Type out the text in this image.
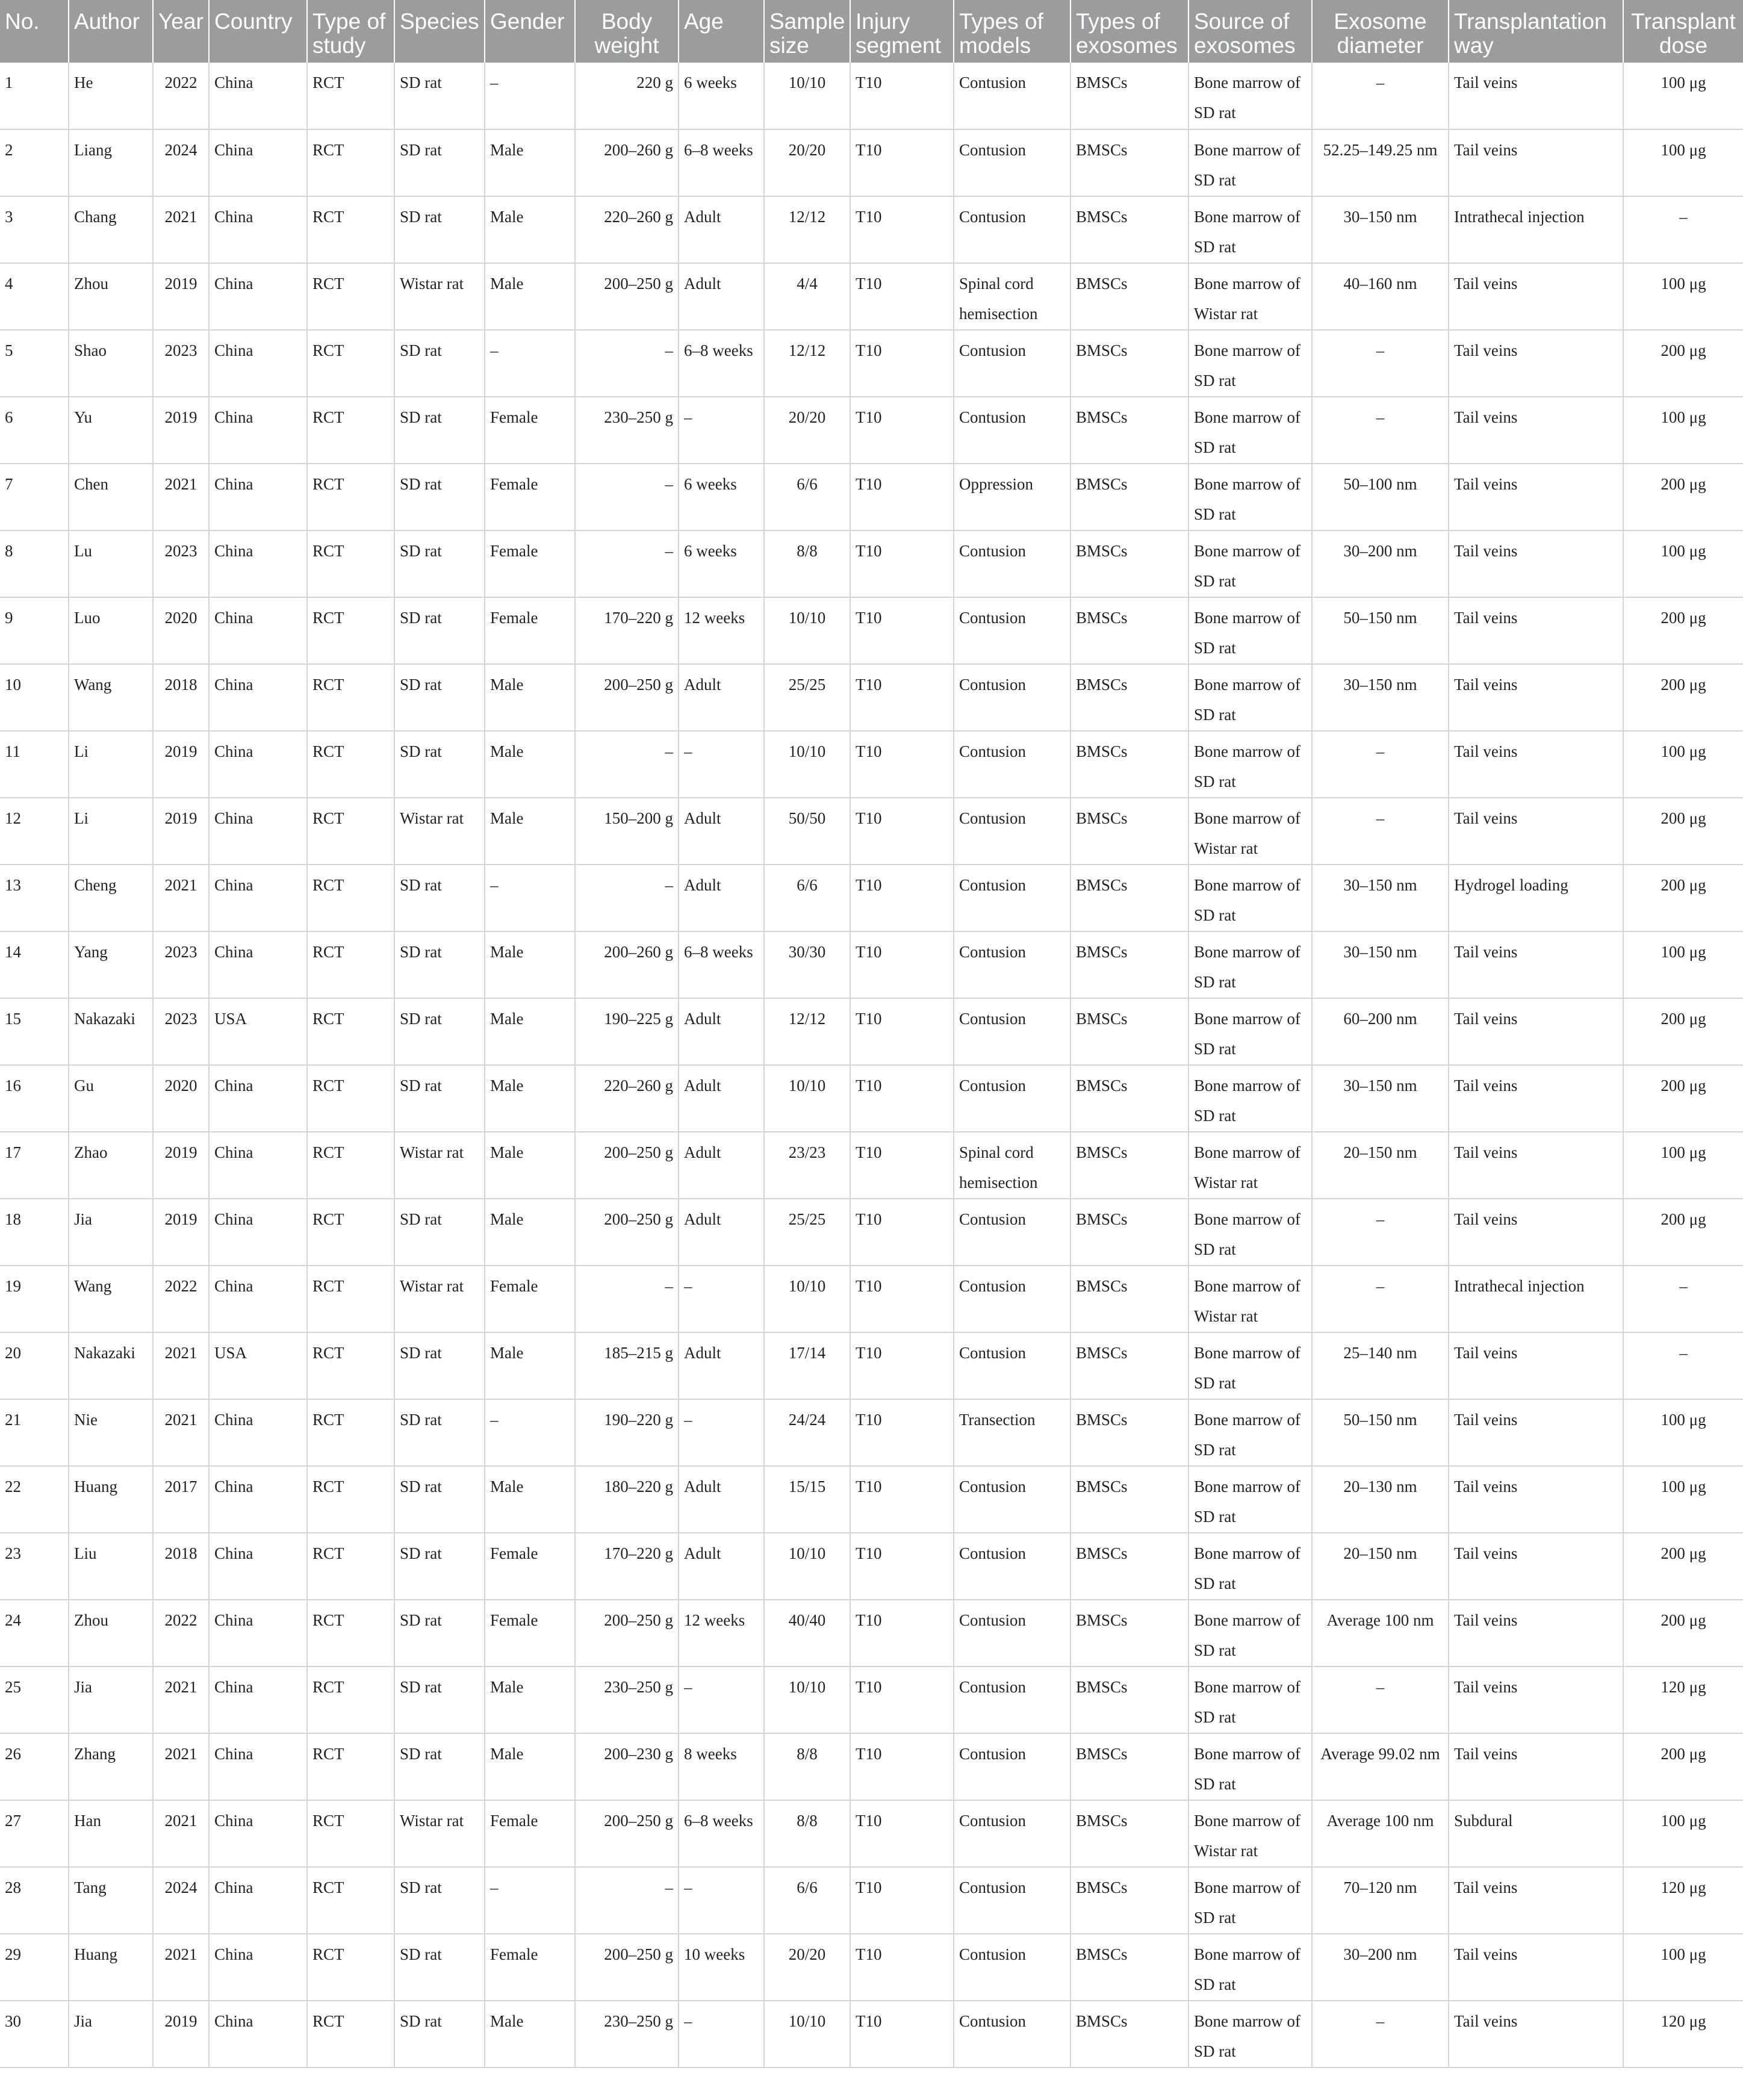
No.	Author	Year	Country	Type of study	Species	Gender	Body weight	Age	Sample size	Injury segment	Types of models	Types of exosomes	Source of exosomes	Exosome diameter	Transplantation way	Transplant dose
1	He	2022	China	RCT	SD rat	–	220 g	6 weeks	10/10	T10	Contusion	BMSCs	Bone marrow of SD rat	–	Tail veins	100 μg
2	Liang	2024	China	RCT	SD rat	Male	200–260 g	6–8 weeks	20/20	T10	Contusion	BMSCs	Bone marrow of SD rat	52.25–149.25 nm	Tail veins	100 μg
3	Chang	2021	China	RCT	SD rat	Male	220–260 g	Adult	12/12	T10	Contusion	BMSCs	Bone marrow of SD rat	30–150 nm	Intrathecal injection	–
4	Zhou	2019	China	RCT	Wistar rat	Male	200–250 g	Adult	4/4	T10	Spinal cord hemisection	BMSCs	Bone marrow of Wistar rat	40–160 nm	Tail veins	100 μg
5	Shao	2023	China	RCT	SD rat	–	–	6–8 weeks	12/12	T10	Contusion	BMSCs	Bone marrow of SD rat	–	Tail veins	200 μg
6	Yu	2019	China	RCT	SD rat	Female	230–250 g	–	20/20	T10	Contusion	BMSCs	Bone marrow of SD rat	–	Tail veins	100 μg
7	Chen	2021	China	RCT	SD rat	Female	–	6 weeks	6/6	T10	Oppression	BMSCs	Bone marrow of SD rat	50–100 nm	Tail veins	200 μg
8	Lu	2023	China	RCT	SD rat	Female	–	6 weeks	8/8	T10	Contusion	BMSCs	Bone marrow of SD rat	30–200 nm	Tail veins	100 μg
9	Luo	2020	China	RCT	SD rat	Female	170–220 g	12 weeks	10/10	T10	Contusion	BMSCs	Bone marrow of SD rat	50–150 nm	Tail veins	200 μg
10	Wang	2018	China	RCT	SD rat	Male	200–250 g	Adult	25/25	T10	Contusion	BMSCs	Bone marrow of SD rat	30–150 nm	Tail veins	200 μg
11	Li	2019	China	RCT	SD rat	Male	–	–	10/10	T10	Contusion	BMSCs	Bone marrow of SD rat	–	Tail veins	100 μg
12	Li	2019	China	RCT	Wistar rat	Male	150–200 g	Adult	50/50	T10	Contusion	BMSCs	Bone marrow of Wistar rat	–	Tail veins	200 μg
13	Cheng	2021	China	RCT	SD rat	–	–	Adult	6/6	T10	Contusion	BMSCs	Bone marrow of SD rat	30–150 nm	Hydrogel loading	200 μg
14	Yang	2023	China	RCT	SD rat	Male	200–260 g	6–8 weeks	30/30	T10	Contusion	BMSCs	Bone marrow of SD rat	30–150 nm	Tail veins	100 μg
15	Nakazaki	2023	USA	RCT	SD rat	Male	190–225 g	Adult	12/12	T10	Contusion	BMSCs	Bone marrow of SD rat	60–200 nm	Tail veins	200 μg
16	Gu	2020	China	RCT	SD rat	Male	220–260 g	Adult	10/10	T10	Contusion	BMSCs	Bone marrow of SD rat	30–150 nm	Tail veins	200 μg
17	Zhao	2019	China	RCT	Wistar rat	Male	200–250 g	Adult	23/23	T10	Spinal cord hemisection	BMSCs	Bone marrow of Wistar rat	20–150 nm	Tail veins	100 μg
18	Jia	2019	China	RCT	SD rat	Male	200–250 g	Adult	25/25	T10	Contusion	BMSCs	Bone marrow of SD rat	–	Tail veins	200 μg
19	Wang	2022	China	RCT	Wistar rat	Female	–	–	10/10	T10	Contusion	BMSCs	Bone marrow of Wistar rat	–	Intrathecal injection	–
20	Nakazaki	2021	USA	RCT	SD rat	Male	185–215 g	Adult	17/14	T10	Contusion	BMSCs	Bone marrow of SD rat	25–140 nm	Tail veins	–
21	Nie	2021	China	RCT	SD rat	–	190–220 g	–	24/24	T10	Transection	BMSCs	Bone marrow of SD rat	50–150 nm	Tail veins	100 μg
22	Huang	2017	China	RCT	SD rat	Male	180–220 g	Adult	15/15	T10	Contusion	BMSCs	Bone marrow of SD rat	20–130 nm	Tail veins	100 μg
23	Liu	2018	China	RCT	SD rat	Female	170–220 g	Adult	10/10	T10	Contusion	BMSCs	Bone marrow of SD rat	20–150 nm	Tail veins	200 μg
24	Zhou	2022	China	RCT	SD rat	Female	200–250 g	12 weeks	40/40	T10	Contusion	BMSCs	Bone marrow of SD rat	Average 100 nm	Tail veins	200 μg
25	Jia	2021	China	RCT	SD rat	Male	230–250 g	–	10/10	T10	Contusion	BMSCs	Bone marrow of SD rat	–	Tail veins	120 μg
26	Zhang	2021	China	RCT	SD rat	Male	200–230 g	8 weeks	8/8	T10	Contusion	BMSCs	Bone marrow of SD rat	Average 99.02 nm	Tail veins	200 μg
27	Han	2021	China	RCT	Wistar rat	Female	200–250 g	6–8 weeks	8/8	T10	Contusion	BMSCs	Bone marrow of Wistar rat	Average 100 nm	Subdural	100 μg
28	Tang	2024	China	RCT	SD rat	–	–	–	6/6	T10	Contusion	BMSCs	Bone marrow of SD rat	70–120 nm	Tail veins	120 μg
29	Huang	2021	China	RCT	SD rat	Female	200–250 g	10 weeks	20/20	T10	Contusion	BMSCs	Bone marrow of SD rat	30–200 nm	Tail veins	100 μg
30	Jia	2019	China	RCT	SD rat	Male	230–250 g	–	10/10	T10	Contusion	BMSCs	Bone marrow of SD rat	–	Tail veins	120 μg
